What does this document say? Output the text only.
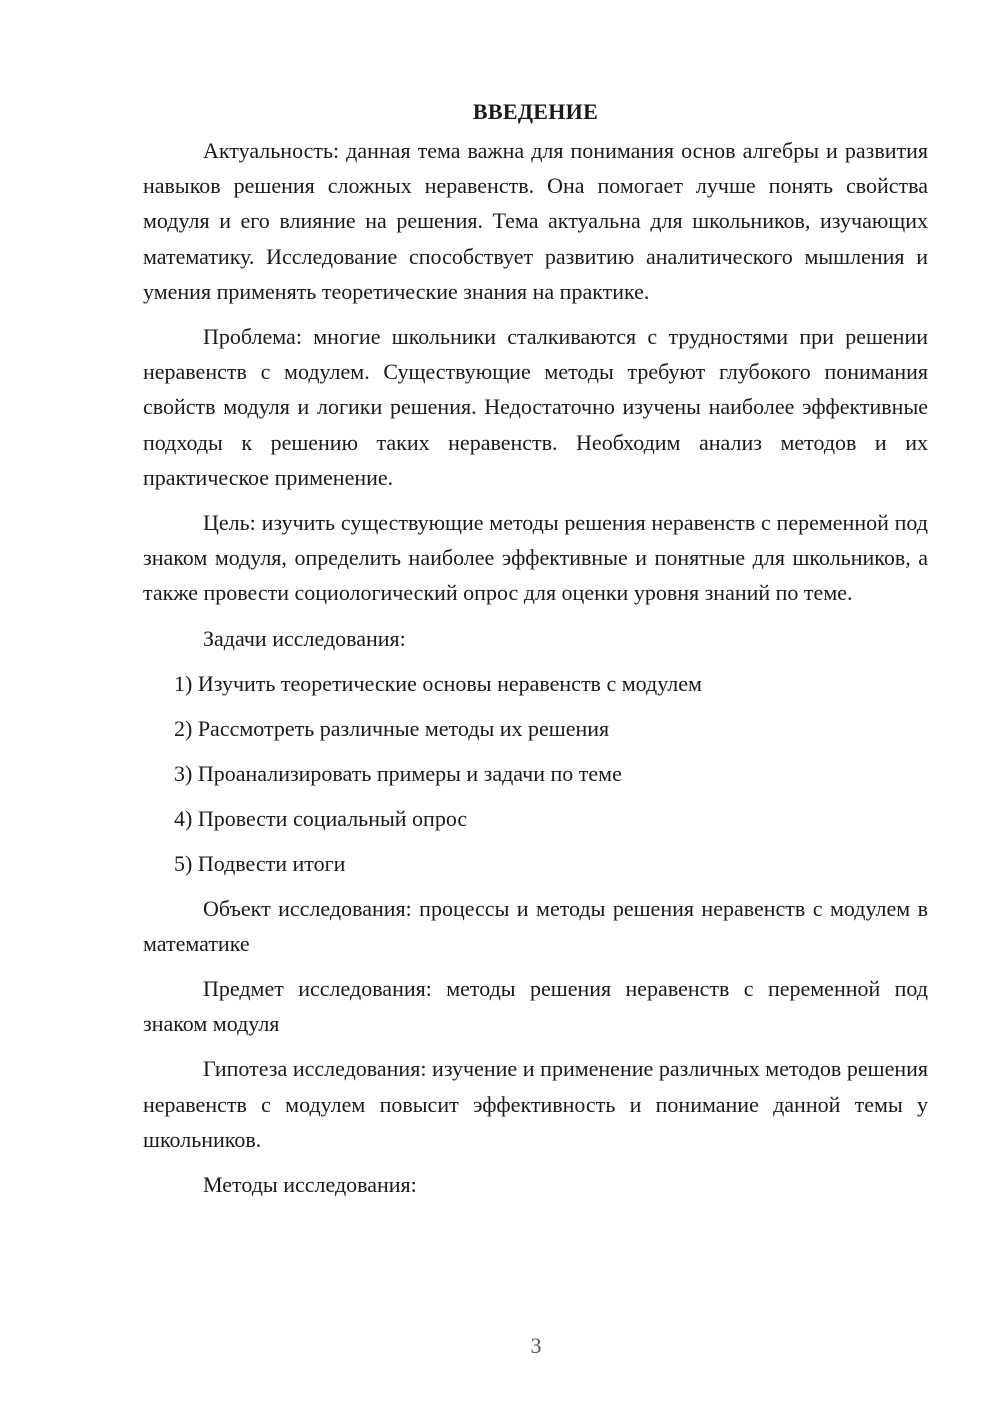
ВВЕДЕНИЕ

Актуальность: данная тема важна для понимания основ алгебры и развития навыков решения сложных неравенств. Она помогает лучше понять свойства модуля и его влияние на решения. Тема актуальна для школьников, изучающих математику. Исследование способствует развитию аналитического мышления и умения применять теоретические знания на практике.

Проблема: многие школьники сталкиваются с трудностями при решении неравенств с модулем. Существующие методы требуют глубокого понимания свойств модуля и логики решения. Недостаточно изучены наиболее эффективные подходы к решению таких неравенств. Необходим анализ методов и их практическое применение.

Цель: изучить существующие методы решения неравенств с переменной под знаком модуля, определить наиболее эффективные и понятные для школьников, а также провести социологический опрос для оценки уровня знаний по теме.

Задачи исследования:

1) Изучить теоретические основы неравенств с модулем
2) Рассмотреть различные методы их решения
3) Проанализировать примеры и задачи по теме
4) Провести социальный опрос
5) Подвести итоги

Объект исследования: процессы и методы решения неравенств с модулем в математике

Предмет исследования: методы решения неравенств с переменной под знаком модуля

Гипотеза исследования: изучение и применение различных методов решения неравенств с модулем повысит эффективность и понимание данной темы у школьников.

Методы исследования:

3
